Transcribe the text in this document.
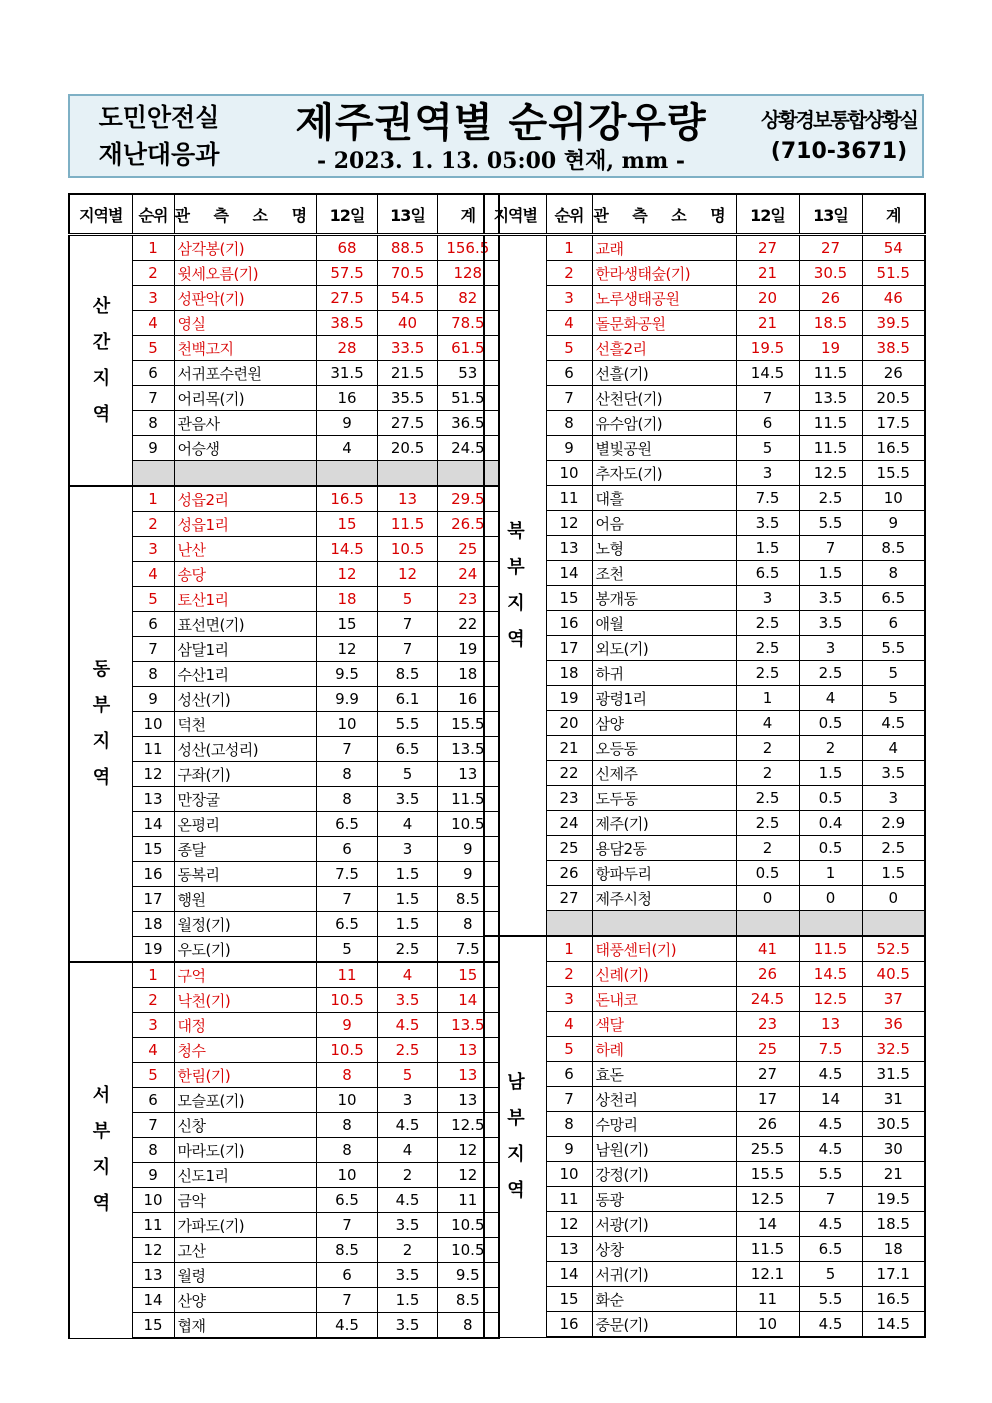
도민안전실
재난대응과
제주권역별 순위강우량
- 2023. 1. 13. 05:00 현재, mm -
상황경보통합상황실
(710-3671)
지역별	순위	관 측 소 명	12일	13일	계

산간지역	1	삼각봉(기)	68	88.5	156.5
	2	윗세오름(기)	57.5	70.5	128
	3	성판악(기)	27.5	54.5	82
	4	영실	38.5	40	78.5
	5	천백고지	28	33.5	61.5
	6	서귀포수련원	31.5	21.5	53
	7	어리목(기)	16	35.5	51.5
	8	관음사	9	27.5	36.5
	9	어승생	4	20.5	24.5

동부지역	1	성읍2리	16.5	13	29.5
	2	성읍1리	15	11.5	26.5
	3	난산	14.5	10.5	25
	4	송당	12	12	24
	5	토산1리	18	5	23
	6	표선면(기)	15	7	22
	7	삼달1리	12	7	19
	8	수산1리	9.5	8.5	18
	9	성산(기)	9.9	6.1	16
	10	덕천	10	5.5	15.5
	11	성산(고성리)	7	6.5	13.5
	12	구좌(기)	8	5	13
	13	만장굴	8	3.5	11.5
	14	온평리	6.5	4	10.5
	15	종달	6	3	9
	16	동복리	7.5	1.5	9
	17	행원	7	1.5	8.5
	18	월정(기)	6.5	1.5	8
	19	우도(기)	5	2.5	7.5

서부지역	1	구억	11	4	15
	2	낙천(기)	10.5	3.5	14
	3	대정	9	4.5	13.5
	4	청수	10.5	2.5	13
	5	한림(기)	8	5	13
	6	모슬포(기)	10	3	13
	7	신창	8	4.5	12.5
	8	마라도(기)	8	4	12
	9	신도1리	10	2	12
	10	금악	6.5	4.5	11
	11	가파도(기)	7	3.5	10.5
	12	고산	8.5	2	10.5
	13	월령	6	3.5	9.5
	14	산양	7	1.5	8.5
	15	협재	4.5	3.5	8
지역별	순위	관 측 소 명	12일	13일	계

북부지역	1	교래	27	27	54
	2	한라생태숲(기)	21	30.5	51.5
	3	노루생태공원	20	26	46
	4	돌문화공원	21	18.5	39.5
	5	선흘2리	19.5	19	38.5
	6	선흘(기)	14.5	11.5	26
	7	산천단(기)	7	13.5	20.5
	8	유수암(기)	6	11.5	17.5
	9	별빛공원	5	11.5	16.5
	10	추자도(기)	3	12.5	15.5
	11	대흘	7.5	2.5	10
	12	어음	3.5	5.5	9
	13	노형	1.5	7	8.5
	14	조천	6.5	1.5	8
	15	봉개동	3	3.5	6.5
	16	애월	2.5	3.5	6
	17	외도(기)	2.5	3	5.5
	18	하귀	2.5	2.5	5
	19	광령1리	1	4	5
	20	삼양	4	0.5	4.5
	21	오등동	2	2	4
	22	신제주	2	1.5	3.5
	23	도두동	2.5	0.5	3
	24	제주(기)	2.5	0.4	2.9
	25	용담2동	2	0.5	2.5
	26	항파두리	0.5	1	1.5
	27	제주시청	0	0	0

남부지역	1	태풍센터(기)	41	11.5	52.5
	2	신례(기)	26	14.5	40.5
	3	돈내코	24.5	12.5	37
	4	색달	23	13	36
	5	하례	25	7.5	32.5
	6	효돈	27	4.5	31.5
	7	상천리	17	14	31
	8	수망리	26	4.5	30.5
	9	남원(기)	25.5	4.5	30
	10	강정(기)	15.5	5.5	21
	11	동광	12.5	7	19.5
	12	서광(기)	14	4.5	18.5
	13	상창	11.5	6.5	18
	14	서귀(기)	12.1	5	17.1
	15	화순	11	5.5	16.5
	16	중문(기)	10	4.5	14.5
